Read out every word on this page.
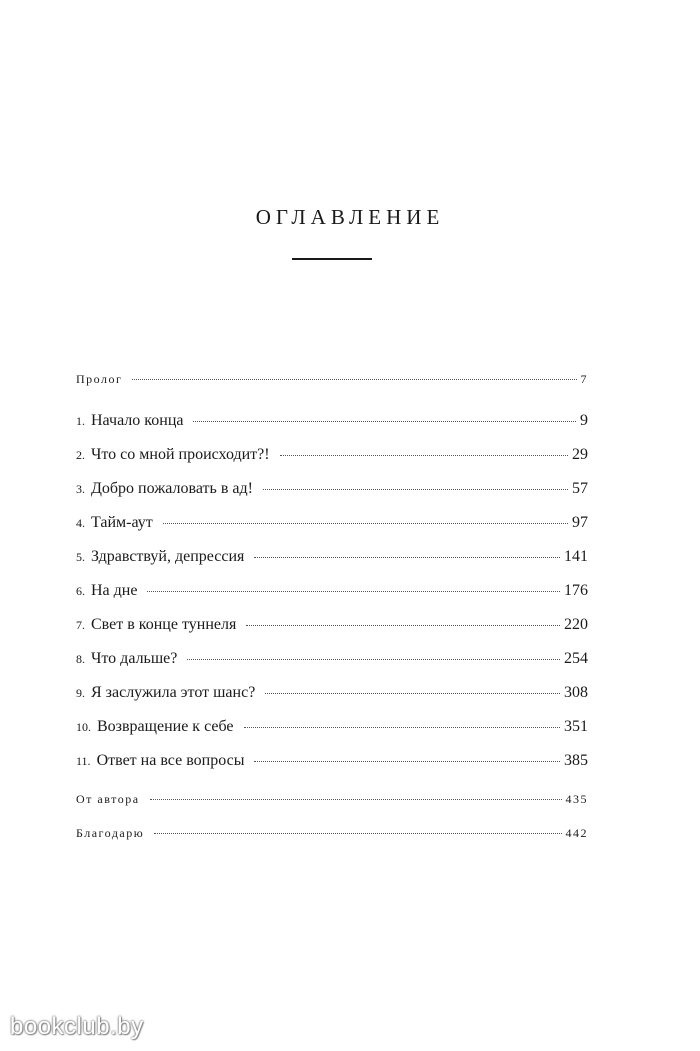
ОГЛАВЛЕНИЕ
Пролог	7
1. Начало конца	9
2. Что со мной происходит?!	29
3. Добро пожаловать в ад!	57
4. Тайм-аут	97
5. Здравствуй, депрессия	141
6. На дне	176
7. Свет в конце туннеля	220
8. Что дальше?	254
9. Я заслужила этот шанс?	308
10. Возвращение к себе	351
11. Ответ на все вопросы	385
От автора	435
Благодарю	442
bookclub.by
